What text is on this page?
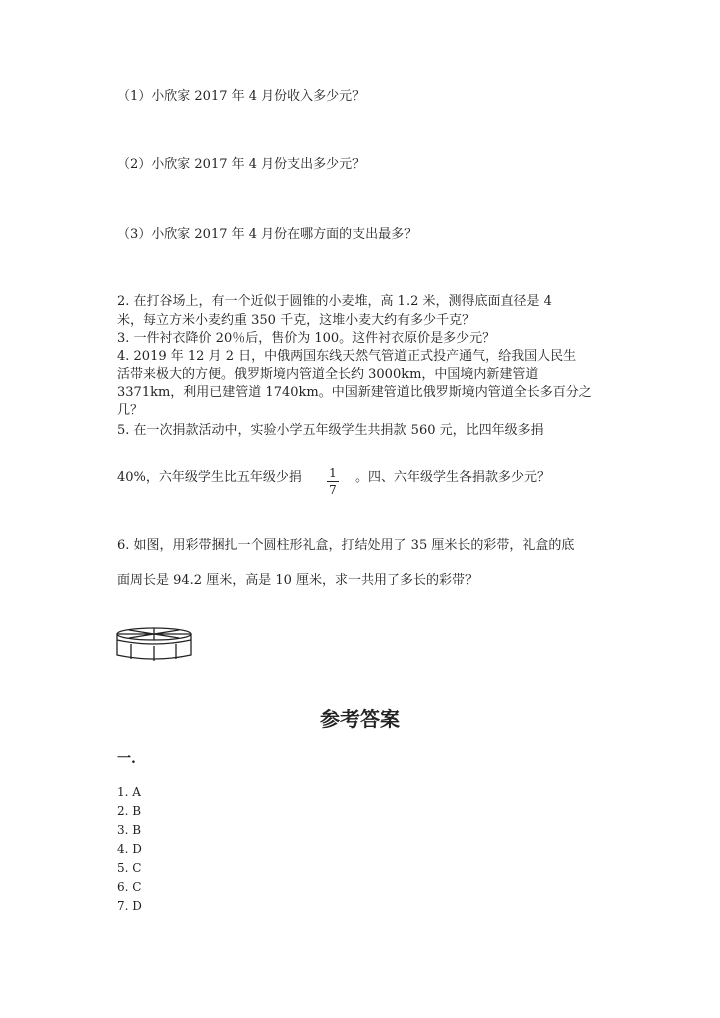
（1）小欣家 2017 年 4 月份收入多少元？
（2）小欣家 2017 年 4 月份支出多少元？
（3）小欣家 2017 年 4 月份在哪方面的支出最多？
2. 在打谷场上，有一个近似于圆锥的小麦堆，高 1.2 米，测得底面直径是 4
米，每立方米小麦约重 350 千克，这堆小麦大约有多少千克？
3. 一件衬衣降价 20％后，售价为 100。这件衬衣原价是多少元？
4. 2019 年 12 月 2 日，中俄两国东线天然气管道正式投产通气，给我国人民生
活带来极大的方便。俄罗斯境内管道全长约 3000km，中国境内新建管道
3371km，利用已建管道 1740km。中国新建管道比俄罗斯境内管道全长多百分之
几？
5. 在一次捐款活动中，实验小学五年级学生共捐款 560 元，比四年级多捐
40%，六年级学生比五年级少捐 1
7
。四、六年级学生各捐款多少元？
6. 如图，用彩带捆扎一个圆柱形礼盒，打结处用了 35 厘米长的彩带，礼盒的底
面周长是 94.2 厘米，高是 10 厘米，求一共用了多长的彩带？
参考答案
一.
1. A
2. B
3. B
4. D
5. C
6. C
7. D
